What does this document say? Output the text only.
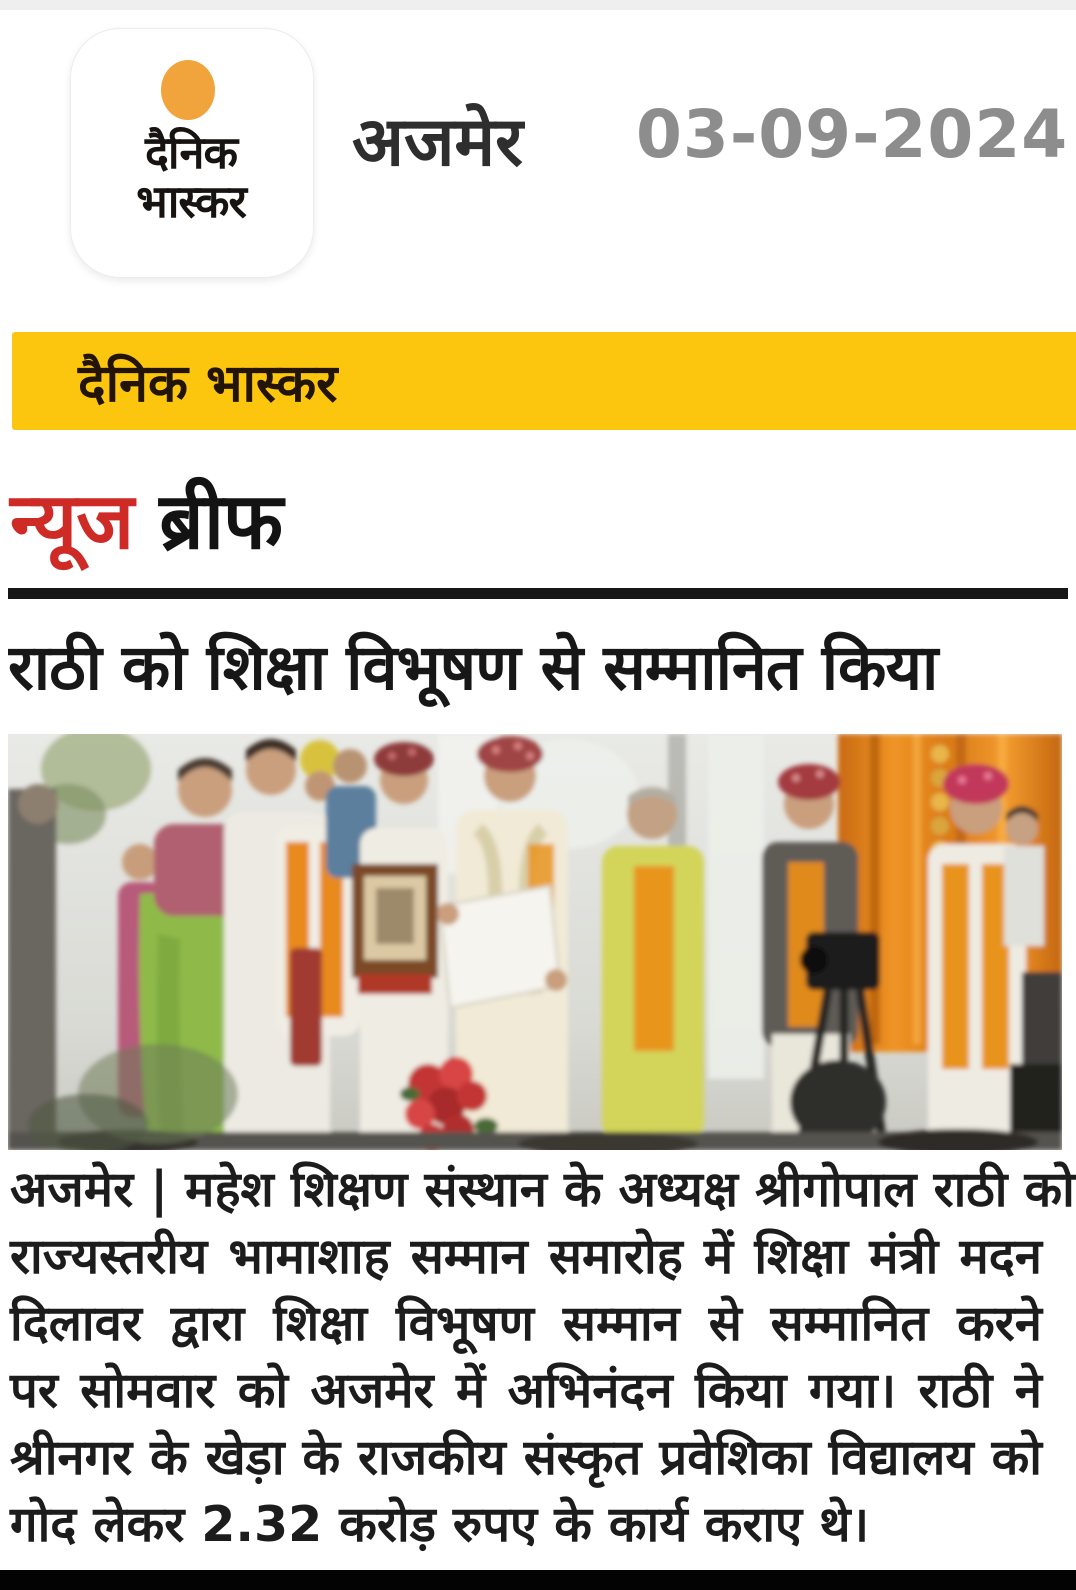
दैनिक
भास्कर
अजमेर 03-09-2024
दैनिक भास्कर
न्यूज ब्रीफ
राठी को शिक्षा विभूषण से सम्मानित किया
अजमेर | महेश शिक्षण संस्थान के अध्यक्ष श्रीगोपाल राठी को
राज्यस्तरीय भामाशाह सम्मान समारोह में शिक्षा मंत्री मदन
दिलावर द्वारा शिक्षा विभूषण सम्मान से सम्मानित करने
पर सोमवार को अजमेर में अभिनंदन किया गया। राठी ने
श्रीनगर के खेड़ा के राजकीय संस्कृत प्रवेशिका विद्यालय को
गोद लेकर 2.32 करोड़ रुपए के कार्य कराए थे।
